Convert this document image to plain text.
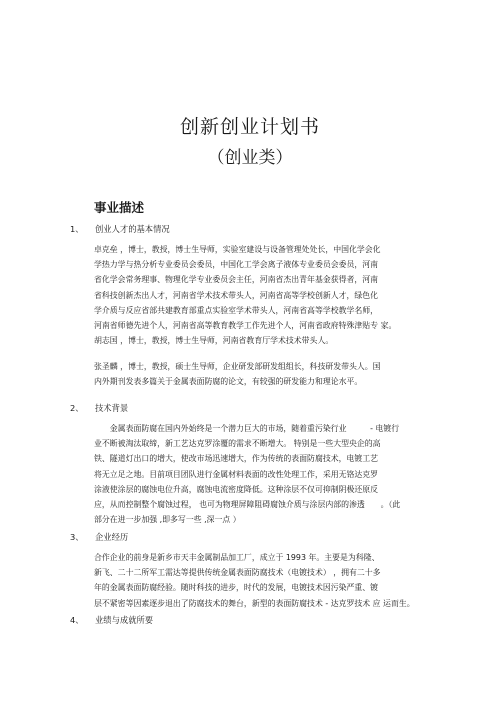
创新创业计划书
（创业类）
事业描述
1、 创业人才的基本情况
卓克垒 ，博士，教授，博士生导师，实验室建设与设备管理处处长，中国化学会化
学热力学与热分析专业委员会委员，中国化工学会离子液体专业委员会委员，河南
省化学会常务理事、物理化学专业委员会主任，河南省杰出青年基金获得者，河南
省科技创新杰出人才，河南省学术技术带头人，河南省高等学校创新人才，绿色化
学介质与反应省部共建教育部重点实验室学术带头人，河南省高等学校教学名师，
河南省师德先进个人，河南省高等教育教学工作先进个人，河南省政府特殊津贴专 家。
胡志国 ，博士，教授，博士生导师，河南省教育厅学术技术带头人。
张圣麟 ，博士，教授，硕士生导师，企业研发部研发组组长，科技研发带头人。国
内外期刊发表多篇关于金属表面防腐的论文，有较强的研发能力和理论水平。
2、 技术背景
　　金属表面防腐在国内外始终是一个潜力巨大的市场，随着重污染行业　　　- 电镀行
业不断被淘汰取缔，新工艺达克罗涂覆的需求不断增大。 特别是一些大型央企的高
铁、隧道灯出口的增大，使改市场迅速增大，作为传统的表面防腐技术，电镀工艺
将无立足之地。目前项目团队进行金属材料表面的改性处理工作，采用无铬达克罗
涂液使涂层的腐蚀电位升高，腐蚀电流密度降低。这种涂层不仅可抑制阴极还原反
应，从而控制整个腐蚀过程， 也可为物理屏障阻碍腐蚀介质与涂层内部的渗透　　。（此
部分在进一步加强 ,即多写一些 ,深一点 ）
3、 企业经历
合作企业的前身是新乡市天丰金属制品加工厂，成立于 1993 年。主要是为科隆、
新飞、二十二所军工需达等提供传统金属表面防腐技术（电镀技术） ，拥有二十多
年的金属表面防腐经验。随时科技的进步，时代的发展，电镀技术因污染严重、镀
层不紧密等因素逐步退出了防腐技术的舞台，新型的表面防腐技术 - 达克罗技术 应 运而生。
4、 业绩与成就所要
